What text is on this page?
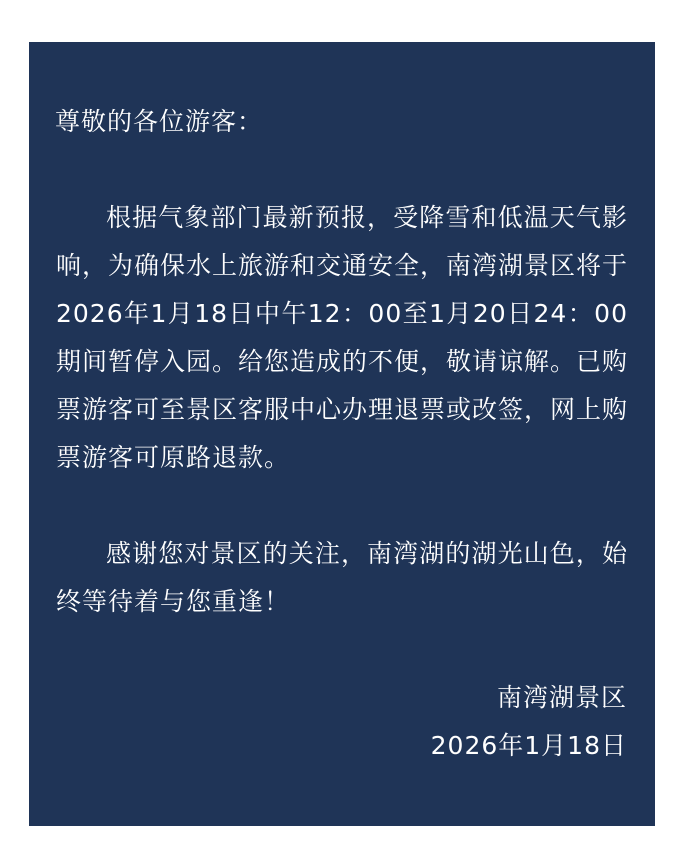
尊敬的各位游客：
根据气象部门最新预报，受降雪和低温天气影响，为确保水上旅游和交通安全，南湾湖景区将于2026年1月18日中午12：00至1月20日24：00期间暂停入园。给您造成的不便，敬请谅解。已购票游客可至景区客服中心办理退票或改签，网上购票游客可原路退款。
感谢您对景区的关注，南湾湖的湖光山色，始终等待着与您重逢！
南湾湖景区
2026年1月18日
